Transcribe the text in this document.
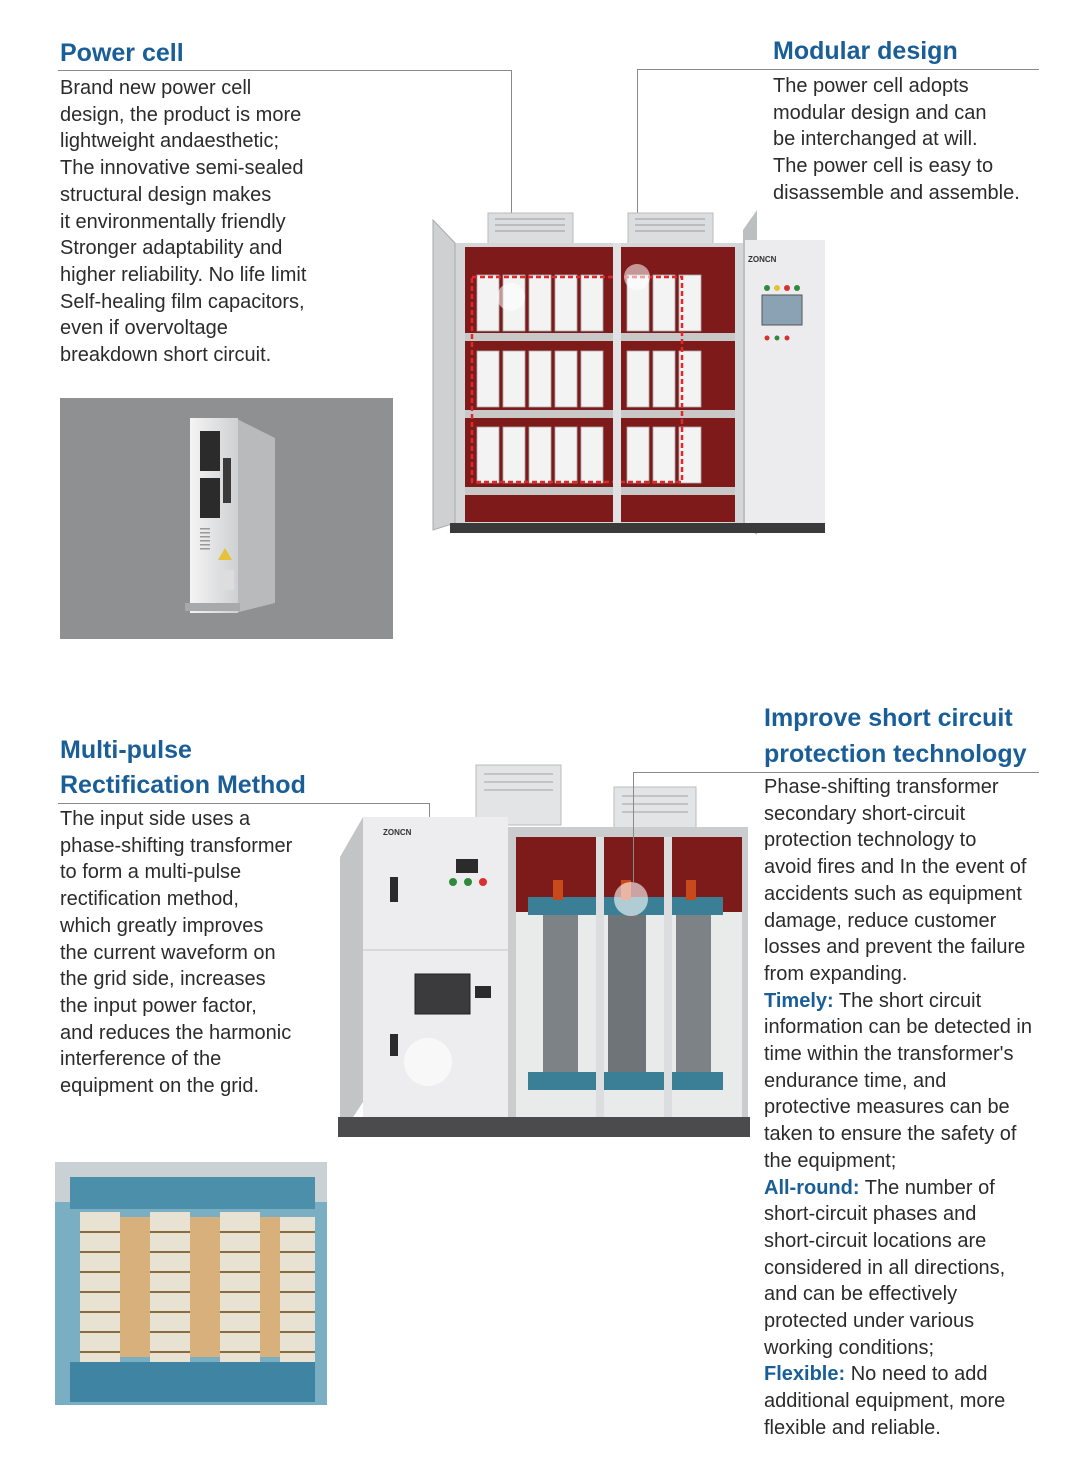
Power cell

Brand new power cell

design, the product is more

lightweight andaesthetic;

The innovative semi-sealed

structural design makes

it environmentally friendly

Stronger adaptability and

higher reliability. No life limit

Self-healing film capacitors,

even if overvoltage

breakdown short circuit.

Modular design

The power cell adopts

modular design and can

be interchanged at will.

The power cell is easy to

disassemble and assemble.

ZONCN
Multi-pulse
Rectification Method

The input side uses a

phase-shifting transformer

to form a multi-pulse

rectification method,

which greatly improves

the current waveform on

the grid side, increases

the input power factor,

and reduces the harmonic

interference of the

equipment on the grid.

ZONCN
Improve short circuit
protection technology

Phase-shifting transformer

secondary short-circuit

protection technology to

avoid fires and In the event of

accidents such as equipment

damage, reduce customer

losses and prevent the failure

from expanding.

Timely: The short circuit

information can be detected in

time within the transformer's

endurance time, and

protective measures can be

taken to ensure the safety of

the equipment;

All-round: The number of

short-circuit phases and

short-circuit locations are

considered in all directions,

and can be effectively

protected under various

working conditions;

Flexible: No need to add

additional equipment, more

flexible and reliable.
